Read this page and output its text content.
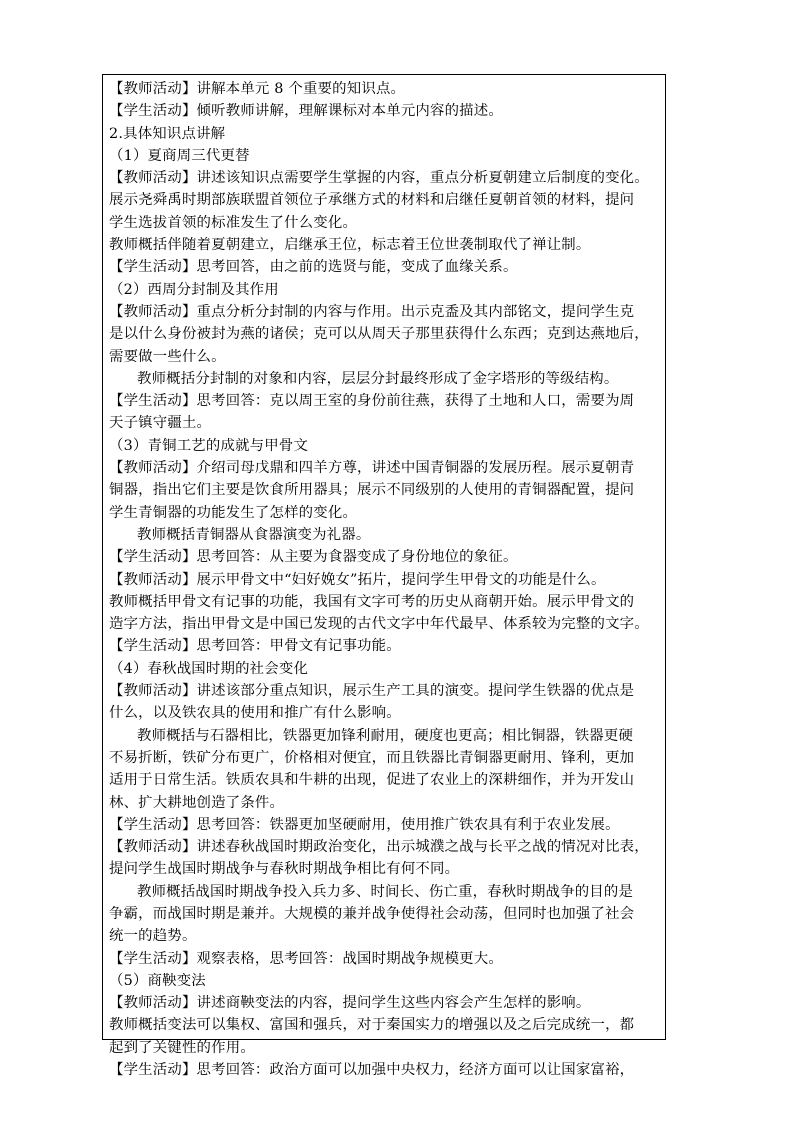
【教师活动】讲解本单元 8 个重要的知识点。
【学生活动】倾听教师讲解，理解课标对本单元内容的描述。
2.具体知识点讲解
（1）夏商周三代更替
【教师活动】讲述该知识点需要学生掌握的内容，重点分析夏朝建立后制度的变化。
展示尧舜禹时期部族联盟首领位子承继方式的材料和启继任夏朝首领的材料，提问
学生选拔首领的标准发生了什么变化。
教师概括伴随着夏朝建立，启继承王位，标志着王位世袭制取代了禅让制。
【学生活动】思考回答，由之前的选贤与能，变成了血缘关系。
（2）西周分封制及其作用
【教师活动】重点分析分封制的内容与作用。出示克盉及其内部铭文，提问学生克
是以什么身份被封为燕的诸侯；克可以从周天子那里获得什么东西；克到达燕地后，
需要做一些什么。
教师概括分封制的对象和内容，层层分封最终形成了金字塔形的等级结构。
【学生活动】思考回答：克以周王室的身份前往燕，获得了土地和人口，需要为周
天子镇守疆土。
（3）青铜工艺的成就与甲骨文
【教师活动】介绍司母戊鼎和四羊方尊，讲述中国青铜器的发展历程。展示夏朝青
铜器，指出它们主要是饮食所用器具；展示不同级别的人使用的青铜器配置，提问
学生青铜器的功能发生了怎样的变化。
教师概括青铜器从食器演变为礼器。
【学生活动】思考回答：从主要为食器变成了身份地位的象征。
【教师活动】展示甲骨文中“妇好娩女”拓片，提问学生甲骨文的功能是什么。
教师概括甲骨文有记事的功能，我国有文字可考的历史从商朝开始。展示甲骨文的
造字方法，指出甲骨文是中国已发现的古代文字中年代最早、体系较为完整的文字。
【学生活动】思考回答：甲骨文有记事功能。
（4）春秋战国时期的社会变化
【教师活动】讲述该部分重点知识，展示生产工具的演变。提问学生铁器的优点是
什么，以及铁农具的使用和推广有什么影响。
教师概括与石器相比，铁器更加锋利耐用，硬度也更高；相比铜器，铁器更硬
不易折断，铁矿分布更广，价格相对便宜，而且铁器比青铜器更耐用、锋利，更加
适用于日常生活。铁质农具和牛耕的出现，促进了农业上的深耕细作，并为开发山
林、扩大耕地创造了条件。
【学生活动】思考回答：铁器更加坚硬耐用，使用推广铁农具有利于农业发展。
【教师活动】讲述春秋战国时期政治变化，出示城濮之战与长平之战的情况对比表，
提问学生战国时期战争与春秋时期战争相比有何不同。
教师概括战国时期战争投入兵力多、时间长、伤亡重，春秋时期战争的目的是
争霸，而战国时期是兼并。大规模的兼并战争使得社会动荡，但同时也加强了社会
统一的趋势。
【学生活动】观察表格，思考回答：战国时期战争规模更大。
（5）商鞅变法
【教师活动】讲述商鞅变法的内容，提问学生这些内容会产生怎样的影响。
教师概括变法可以集权、富国和强兵，对于秦国实力的增强以及之后完成统一，都
起到了关键性的作用。
【学生活动】思考回答：政治方面可以加强中央权力，经济方面可以让国家富裕，
